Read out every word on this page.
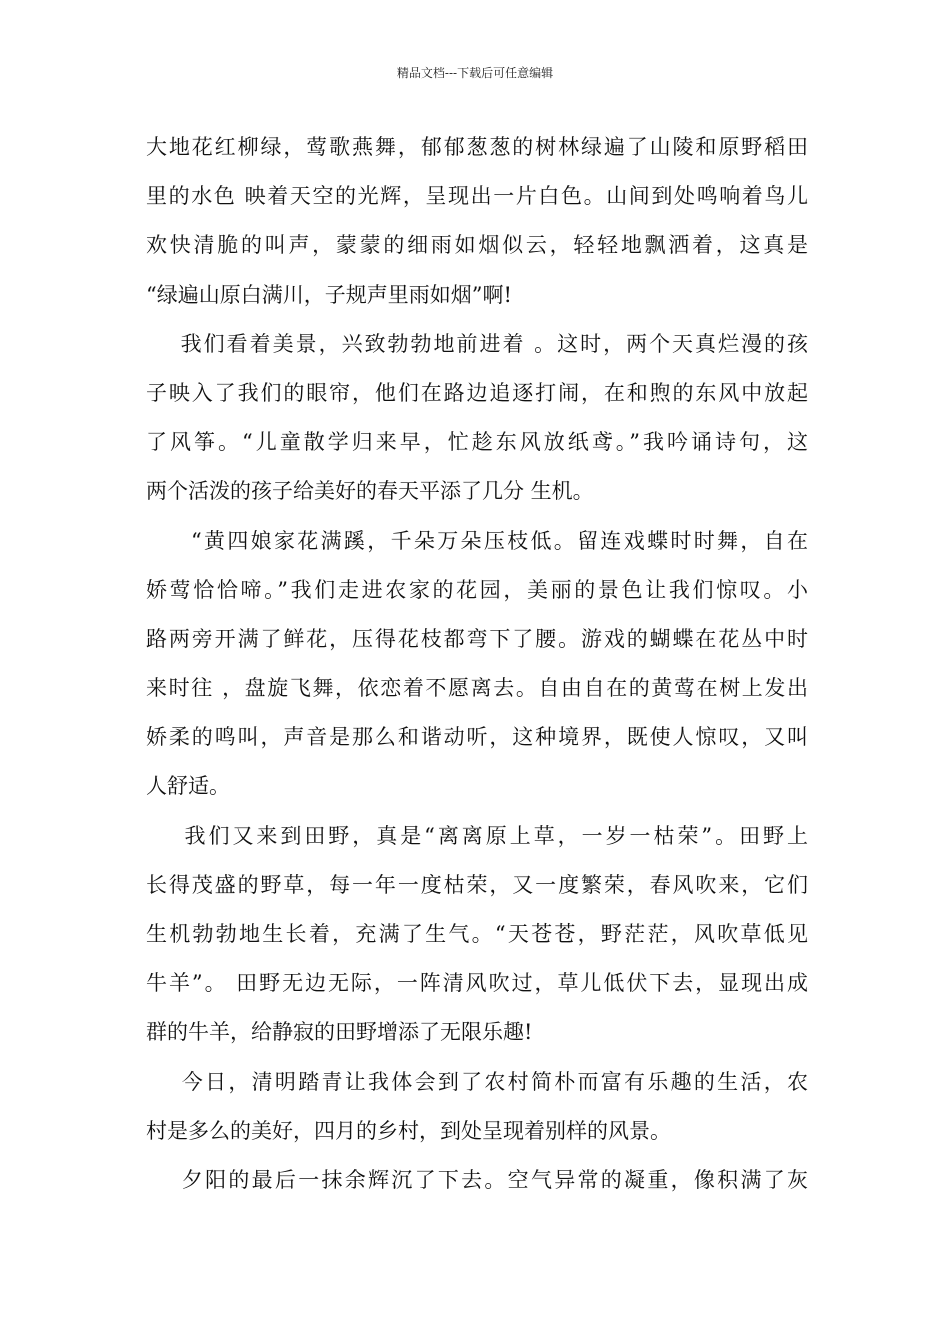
精品文档---下载后可任意编辑
大地花红柳绿，莺歌燕舞，郁郁葱葱的树林绿遍了山陵和原野稻田
里的水色 映着天空的光辉，呈现出一片白色。山间到处鸣响着鸟儿
欢快清脆的叫声，蒙蒙的细雨如烟似云，轻轻地飘洒着，这真是
“绿遍山原白满川，子规声里雨如烟”啊!
我们看着美景，兴致勃勃地前进着 。这时，两个天真烂漫的孩
子映入了我们的眼帘，他们在路边追逐打闹，在和煦的东风中放起
了风筝。“儿童散学归来早，忙趁东风放纸鸢。”我吟诵诗句，这
两个活泼的孩子给美好的春天平添了几分 生机。
“黄四娘家花满蹊，千朵万朵压枝低。留连戏蝶时时舞，自在
娇莺恰恰啼。”我们走进农家的花园，美丽的景色让我们惊叹。小
路两旁开满了鲜花，压得花枝都弯下了腰。游戏的蝴蝶在花丛中时
来时往 ，盘旋飞舞，依恋着不愿离去。自由自在的黄莺在树上发出
娇柔的鸣叫，声音是那么和谐动听，这种境界，既使人惊叹，又叫
人舒适。
我们又来到田野，真是“离离原上草，一岁一枯荣”。田野上
长得茂盛的野草，每一年一度枯荣，又一度繁荣，春风吹来，它们
生机勃勃地生长着，充满了生气。“天苍苍，野茫茫，风吹草低见
牛羊”。 田野无边无际，一阵清风吹过，草儿低伏下去，显现出成
群的牛羊，给静寂的田野增添了无限乐趣!
今日，清明踏青让我体会到了农村简朴而富有乐趣的生活，农
村是多么的美好，四月的乡村，到处呈现着别样的风景。
夕阳的最后一抹余辉沉了下去。空气异常的凝重，像积满了灰
